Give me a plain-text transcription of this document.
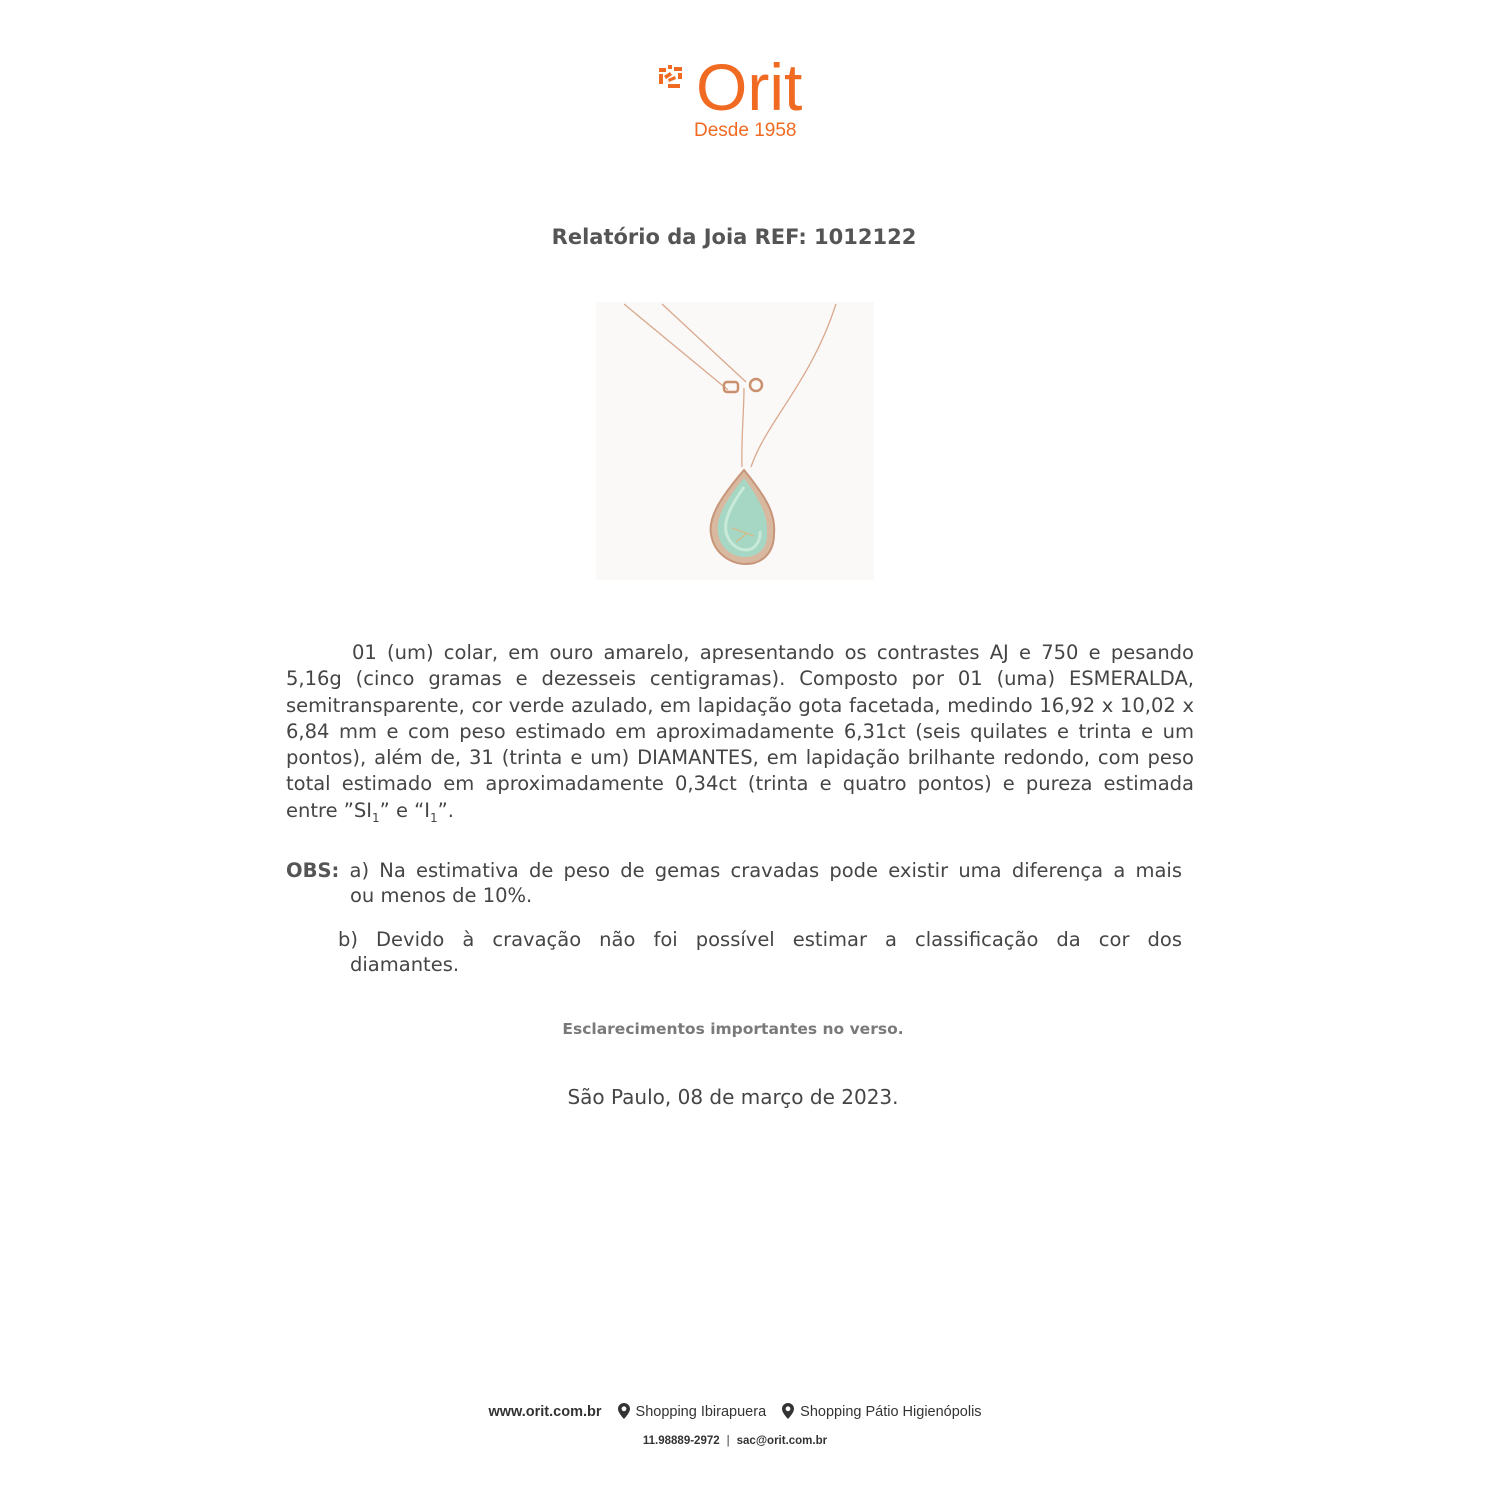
Orit
Desde 1958
Relatório da Joia REF: 1012122

01 (um) colar, em ouro amarelo, apresentando os contrastes AJ e 750 e pesando 5,16g (cinco gramas e dezesseis centigramas). Composto por 01 (uma) ESMERALDA, semitransparente, cor verde azulado, em lapidação gota facetada, medindo 16,92 x 10,02 x 6,84 mm e com peso estimado em aproximadamente 6,31ct (seis quilates e trinta e um pontos), além de, 31 (trinta e um) DIAMANTES, em lapidação brilhante redondo, com peso total estimado em aproximadamente 0,34ct (trinta e quatro pontos) e pureza estimada entre $”SI_1$” e “$I_1$”.

OBS: a) Na estimativa de peso de gemas cravadas pode existir uma diferença a mais
ou menos de 10%.
b) Devido à cravação não foi possível estimar a classificação da cor dos
diamantes.
Esclarecimentos importantes no verso.
São Paulo, 08 de março de 2023.
www.orit.com.br Shopping Ibirapuera Shopping Pátio Higienópolis
11.98889-2972 | sac@orit.com.br
